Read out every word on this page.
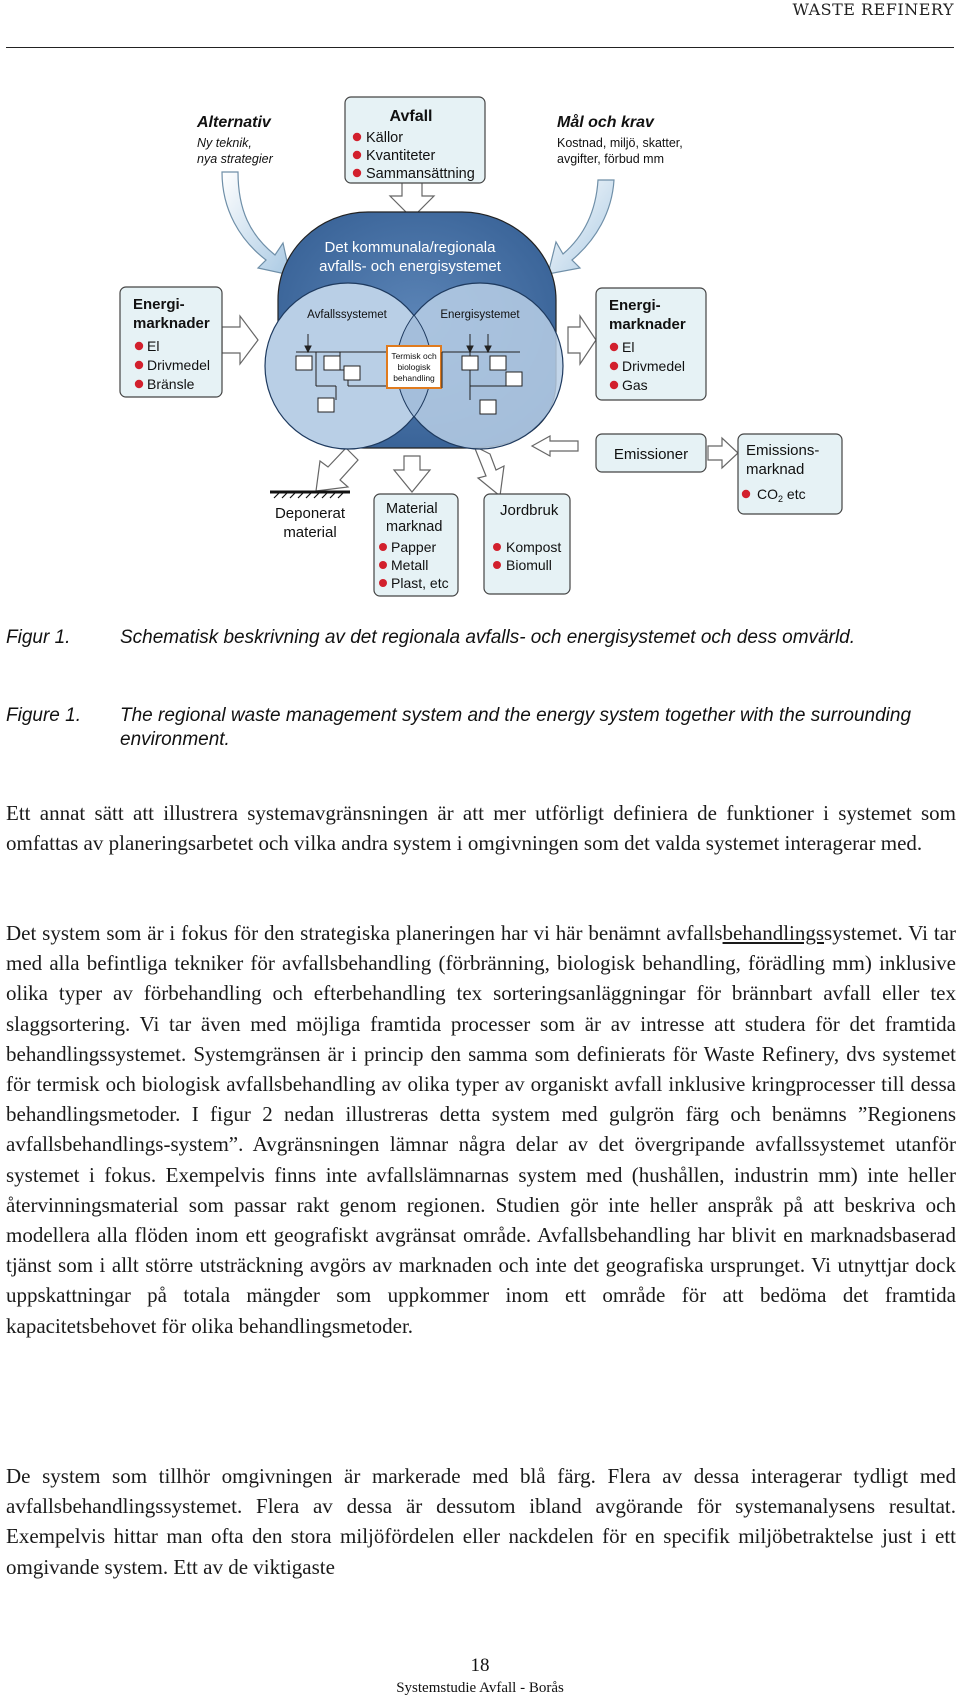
WASTE REFINERY
Det kommunala/regionala
avfalls- och energisystemet
Avfallssystemet	Energisystemet
Termisk och
biologisk
behandling
Alternativ
Ny teknik,
nya strategier
Avfall
Källor
Kvantiteter
Sammansättning
Mål och krav
Kostnad, miljö, skatter,
avgifter, förbud mm
Energi-
marknader
El
Drivmedel
Bränsle
Energi-
marknader
El
Drivmedel
Gas
Emissioner	Emissions-
marknad
$CO_2$ etc
Deponerat
material
Material
marknad
Papper
Metall
Plast, etc
Jordbruk
Kompost
Biomull
Figur 1.	Schematisk beskrivning av det regionala avfalls- och energisystemet och dess omvärld.
Figure 1. The regional waste management system and the energy system together with the surrounding environment.

Ett annat sätt att illustrera systemavgränsningen är att mer utförligt definiera de funktioner i systemet som omfattas av planeringsarbetet och vilka andra system i omgivningen som det valda systemet interagerar med.

Det system som är i fokus för den strategiska planeringen har vi här benämnt avfallsbehandlingssystemet. Vi tar med alla befintliga tekniker för avfallsbehandling (förbränning, biologisk behandling, förädling mm) inklusive olika typer av förbehandling och efterbehandling tex sorteringsanläggningar för brännbart avfall eller tex slaggsortering. Vi tar även med möjliga framtida processer som är av intresse att studera för det framtida behandlingssystemet. Systemgränsen är i princip den samma som definierats för Waste Refinery, dvs systemet för termisk och biologisk avfallsbehandling av olika typer av organiskt avfall inklusive kringprocesser till dessa behandlingsmetoder. I figur 2 nedan illustreras detta system med gulgrön färg och benämns ”Regionens avfallsbehandlings-system”. Avgränsningen lämnar några delar av det övergripande avfallssystemet utanför systemet i fokus. Exempelvis finns inte avfallslämnarnas system med (hushållen, industrin mm) inte heller återvinningsmaterial som passar rakt genom regionen. Studien gör inte heller anspråk på att beskriva och modellera alla flöden inom ett geografiskt avgränsat område. Avfallsbehandling har blivit en marknadsbaserad tjänst som i allt större utsträckning avgörs av marknaden och inte det geografiska ursprunget. Vi utnyttjar dock uppskattningar på totala mängder som uppkommer inom ett område för att bedöma det framtida kapacitetsbehovet för olika behandlingsmetoder.

De system som tillhör omgivningen är markerade med blå färg. Flera av dessa interagerar tydligt med avfallsbehandlingssystemet. Flera av dessa är dessutom ibland avgörande för systemanalysens resultat. Exempelvis hittar man ofta den stora miljöfördelen eller nackdelen för en specifik miljöbetraktelse just i ett omgivande system. Ett av de viktigaste

18
Systemstudie Avfall - Borås
